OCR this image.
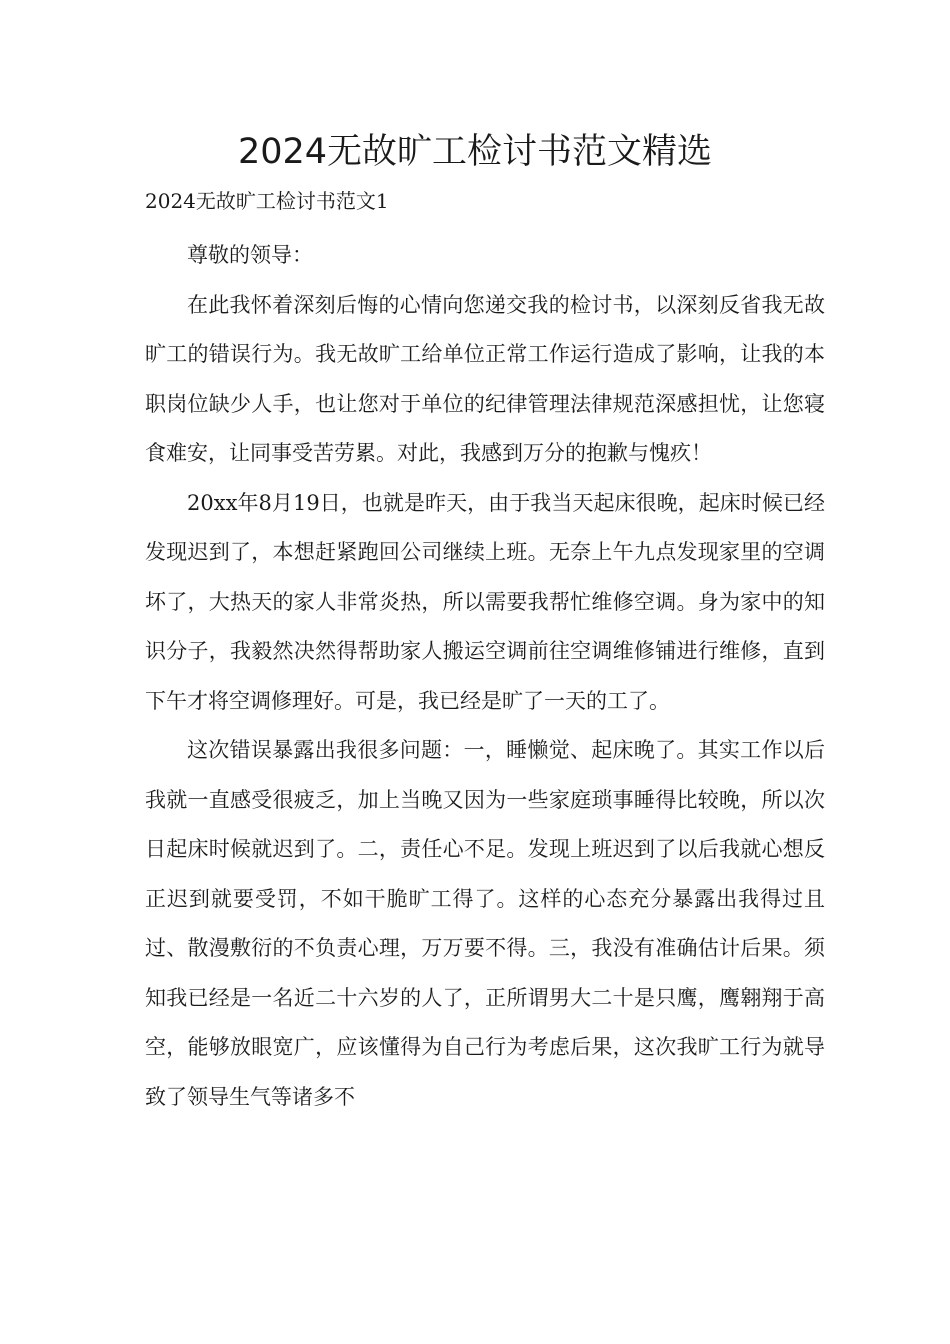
2024无故旷工检讨书范文精选
2024无故旷工检讨书范文1

尊敬的领导：

在此我怀着深刻后悔的心情向您递交我的检讨书，以深刻反省我无故旷工的错误行为。我无故旷工给单位正常工作运行造成了影响，让我的本职岗位缺少人手，也让您对于单位的纪律管理法律规范深感担忧，让您寝食难安，让同事受苦劳累。对此，我感到万分的抱歉与愧疚！

20xx年8月19日，也就是昨天，由于我当天起床很晚，起床时候已经发现迟到了，本想赶紧跑回公司继续上班。无奈上午九点发现家里的空调坏了，大热天的家人非常炎热，所以需要我帮忙维修空调。身为家中的知识分子，我毅然决然得帮助家人搬运空调前往空调维修铺进行维修，直到下午才将空调修理好。可是，我已经是旷了一天的工了。

这次错误暴露出我很多问题：一，睡懒觉、起床晚了。其实工作以后我就一直感受很疲乏，加上当晚又因为一些家庭琐事睡得比较晚，所以次日起床时候就迟到了。二，责任心不足。发现上班迟到了以后我就心想反正迟到就要受罚，不如干脆旷工得了。这样的心态充分暴露出我得过且过、散漫敷衍的不负责心理，万万要不得。三，我没有准确估计后果。须知我已经是一名近二十六岁的人了，正所谓男大二十是只鹰，鹰翱翔于高空，能够放眼宽广，应该懂得为自己行为考虑后果，这次我旷工行为就导致了领导生气等诸多不
